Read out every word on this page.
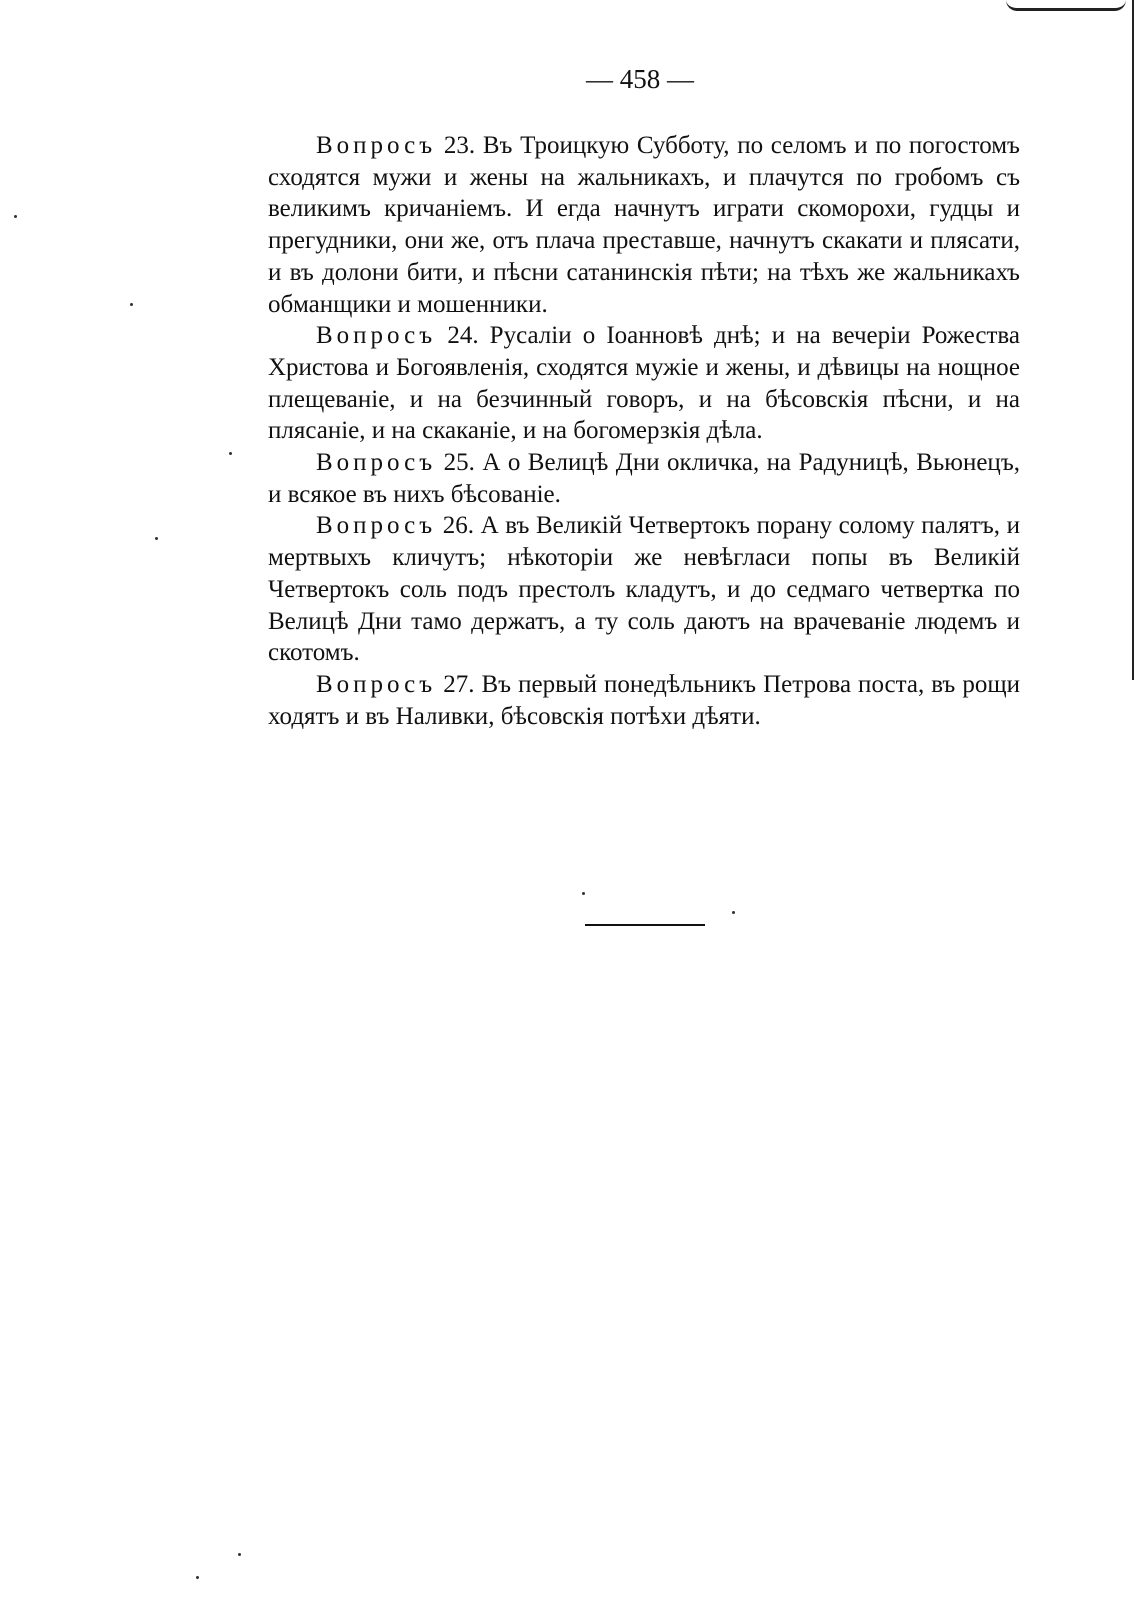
— 458 —

Вопросъ 23. Въ Троицкую Субботу, по селомъ и по погостомъ сходятся мужи и жены на жальникахъ, и плачутся по гробомъ съ великимъ кричаніемъ. И егда начнутъ играти скоморохи, гудцы и прегудники, они же, отъ плача преставше, начнутъ скакати и плясати, и въ долони бити, и пѣсни сатанинскія пѣти; на тѣхъ же жальникахъ обманщики и мошенники.

Вопросъ 24. Русаліи о Іоанновѣ днѣ; и на вечеріи Рожества Христова и Богоявленія, сходятся мужіе и жены, и дѣвицы на нощное плещеваніе, и на безчинный говоръ, и на бѣсовскія пѣсни, и на плясаніе, и на скаканіе, и на богомерзкія дѣла.

Вопросъ 25. А о Велицѣ Дни окличка, на Радуницѣ, Вьюнецъ, и всякое въ нихъ бѣсованіе.

Вопросъ 26. А въ Великій Четвертокъ порану солому палятъ, и мертвыхъ кличутъ; нѣкоторіи же невѣгласи попы въ Великій Четвертокъ соль подъ престолъ кладутъ, и до седмаго четвертка по Велицѣ Дни тамо держатъ, а ту соль даютъ на врачеваніе людемъ и скотомъ.

Вопросъ 27. Въ первый понедѣльникъ Петрова поста, въ рощи ходятъ и въ Наливки, бѣсовскія потѣхи дѣяти.
